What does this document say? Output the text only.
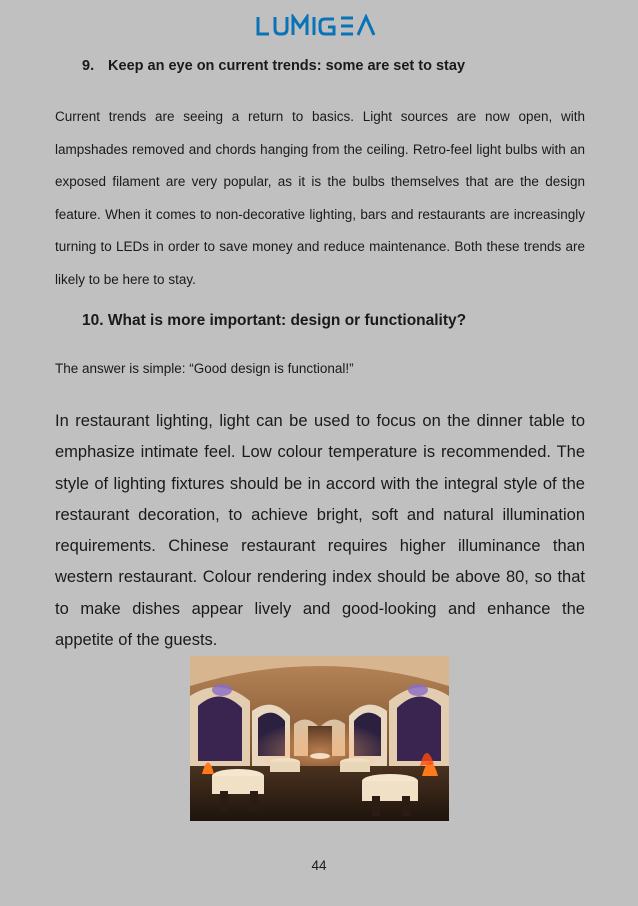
9. Keep an eye on current trends: some are set to stay
Current trends are seeing a return to basics. Light sources are now open, with lampshades removed and chords hanging from the ceiling. Retro-feel light bulbs with an exposed filament are very popular, as it is the bulbs themselves that are the design feature. When it comes to non-decorative lighting, bars and restaurants are increasingly turning to LEDs in order to save money and reduce maintenance. Both these trends are likely to be here to stay.
10. What is more important: design or functionality?
The answer is simple: “Good design is functional!”
In restaurant lighting, light can be used to focus on the dinner table to emphasize intimate feel. Low colour temperature is recommended. The style of lighting fixtures should be in accord with the integral style of the restaurant decoration, to achieve bright, soft and natural illumination requirements. Chinese restaurant requires higher illuminance than western restaurant. Colour rendering index should be above 80, so that to make dishes appear lively and good-looking and enhance the appetite of the guests.
44
